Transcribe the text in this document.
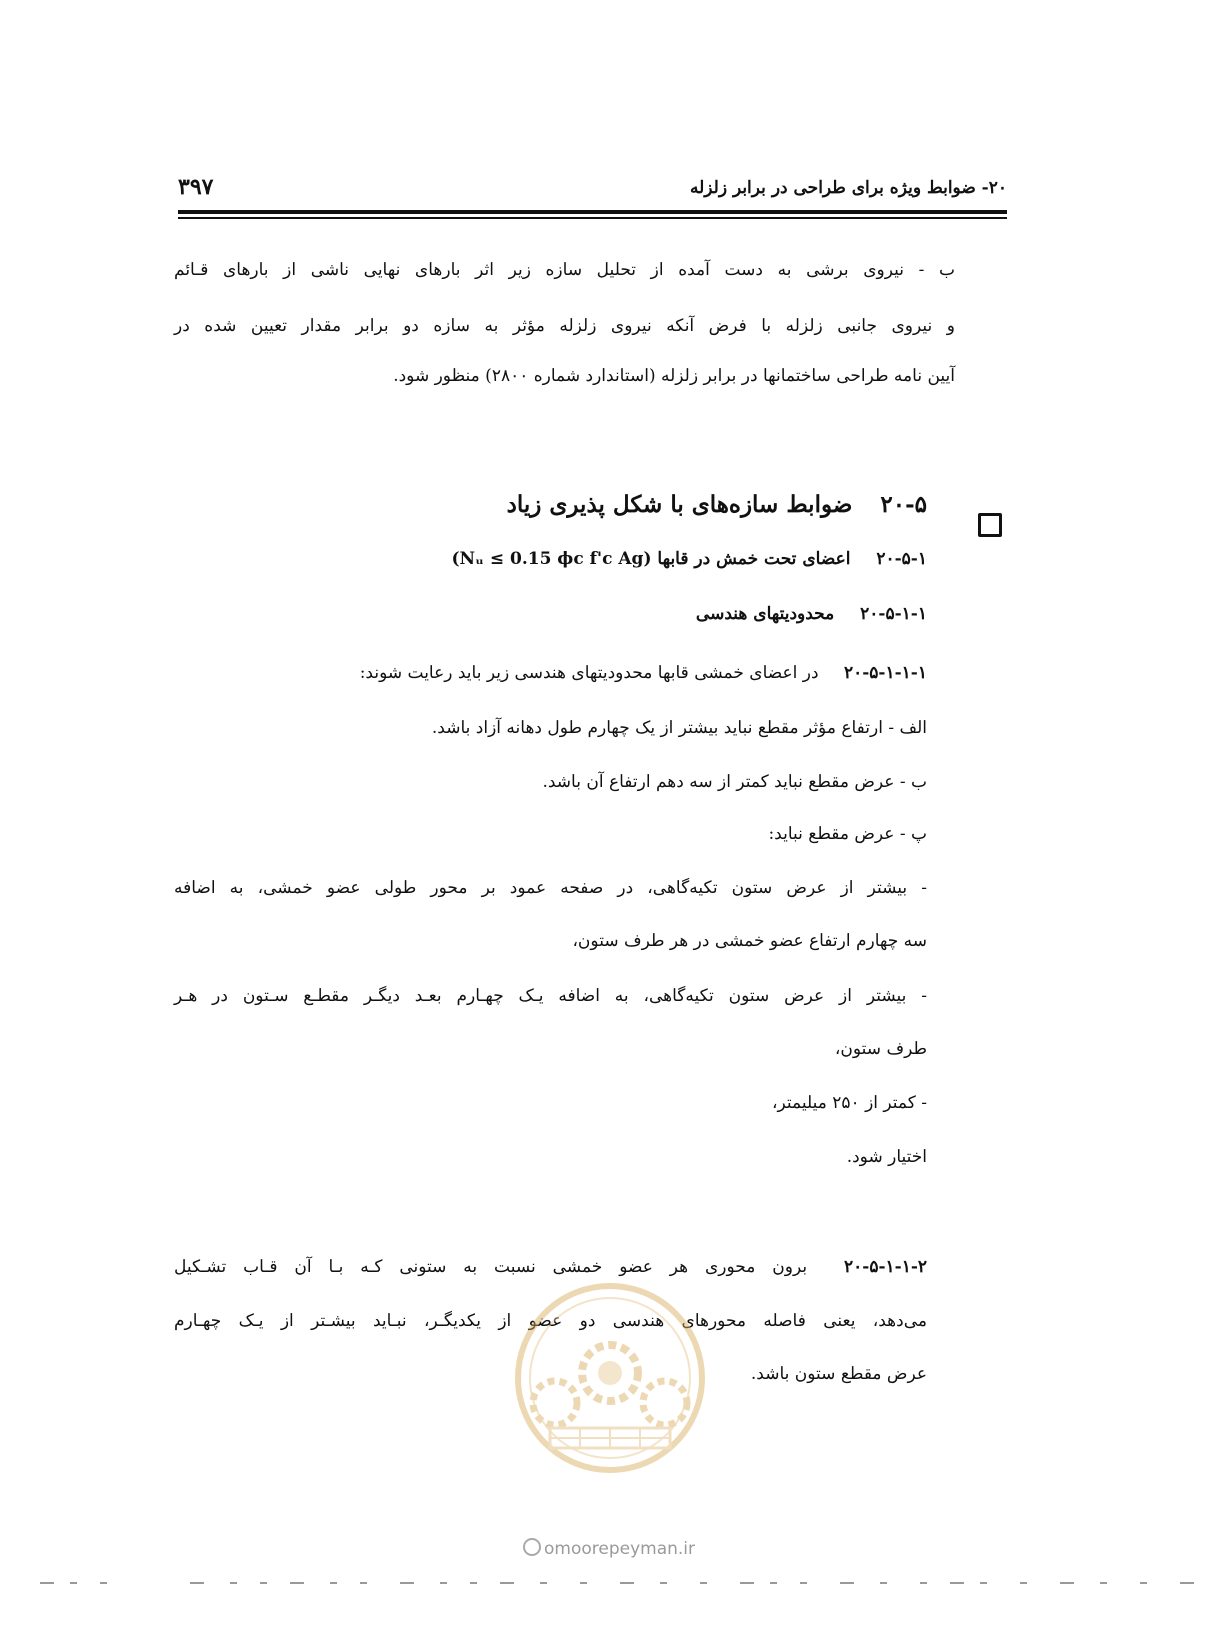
۳۹۷	۲۰- ضوابط ویژه برای طراحی در برابر زلزله
ب - نیروی برشی به دست آمده از تحلیل سازه زیر اثر بارهای نهایی ناشی از بارهای قـائم
و نیروی جانبی زلزله با فرض آنکه نیروی زلزله مؤثر به سازه دو برابر مقدار تعیین شده در
آیین نامه طراحی ساختمانها در برابر زلزله (استاندارد شماره ۲۸۰۰) منظور شود.
۲۰-۵ ضوابط سازه‌های با شکل پذیری زیاد
۲۰-۵-۱ اعضای تحت خمش در قابها (Nᵤ ≤ 0.15 ϕc f'c Ag)
۲۰-۵-۱-۱ محدودیتهای هندسی
۲۰-۵-۱-۱-۱ در اعضای خمشی قابها محدودیتهای هندسی زیر باید رعایت شوند:
الف - ارتفاع مؤثر مقطع نباید بیشتر از یک چهارم طول دهانه آزاد باشد.
ب - عرض مقطع نباید کمتر از سه دهم ارتفاع آن باشد.
پ - عرض مقطع نباید:
- بیشتر از عرض ستون تکیه‌گاهی، در صفحه عمود بر محور طولی عضو خمشی، به اضافه
سه چهارم ارتفاع عضو خمشی در هر طرف ستون،
- بیشتر از عرض ستون تکیه‌گاهی، به اضافه یـک چهـارم بعـد دیگـر مقطـع سـتون در هـر
طرف ستون،
- کمتر از ۲۵۰ میلیمتر،
اختیار شود.
۲۰-۵-۱-۱-۲ برون محوری هر عضو خمشی نسبت به ستونی کـه بـا آن قـاب تشـکیل
می‌دهد، یعنی فاصله محورهای هندسی دو عضو از یکدیگـر، نبـاید بیشـتر از یـک چهـارم
عرض مقطع ستون باشد.
omoorepeyman.ir
